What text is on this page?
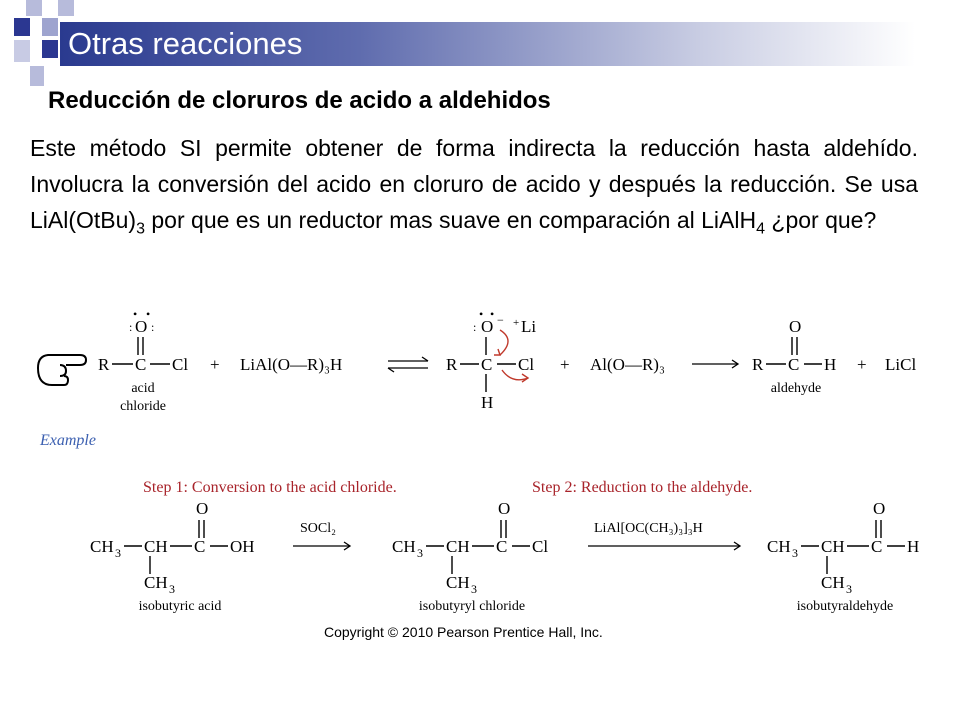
Otras reacciones
Reducción de cloruros de acido a aldehidos
Este método SI permite obtener de forma indirecta la reducción hasta aldehído. Involucra la conversión del acido en cloruro de acido y después la reducción. Se usa $LiAl(OtBu)_3$ por que es un reductor mas suave en comparación al LiAlH$_4$ ¿por que?
O
• •
: :
R C Cl
acid
chloride
+ LiAl(O—R)₃H
O
:
• • − + Li
R C Cl
H
+ Al(O—R)₃
O
R C H
aldehyde
+ LiCl
Example
Step 1: Conversion to the acid chloride.	Step 2: Reduction to the aldehyde.
O
CH 3 CH C OH
CH 3
isobutyric acid
SOCl₂
O
CH 3 CH C Cl
CH 3
isobutyryl chloride
LiAl[OC(CH₃)₃]₃H
O
CH 3 CH C H
CH 3
isobutyraldehyde
Copyright © 2010 Pearson Prentice Hall, Inc.
